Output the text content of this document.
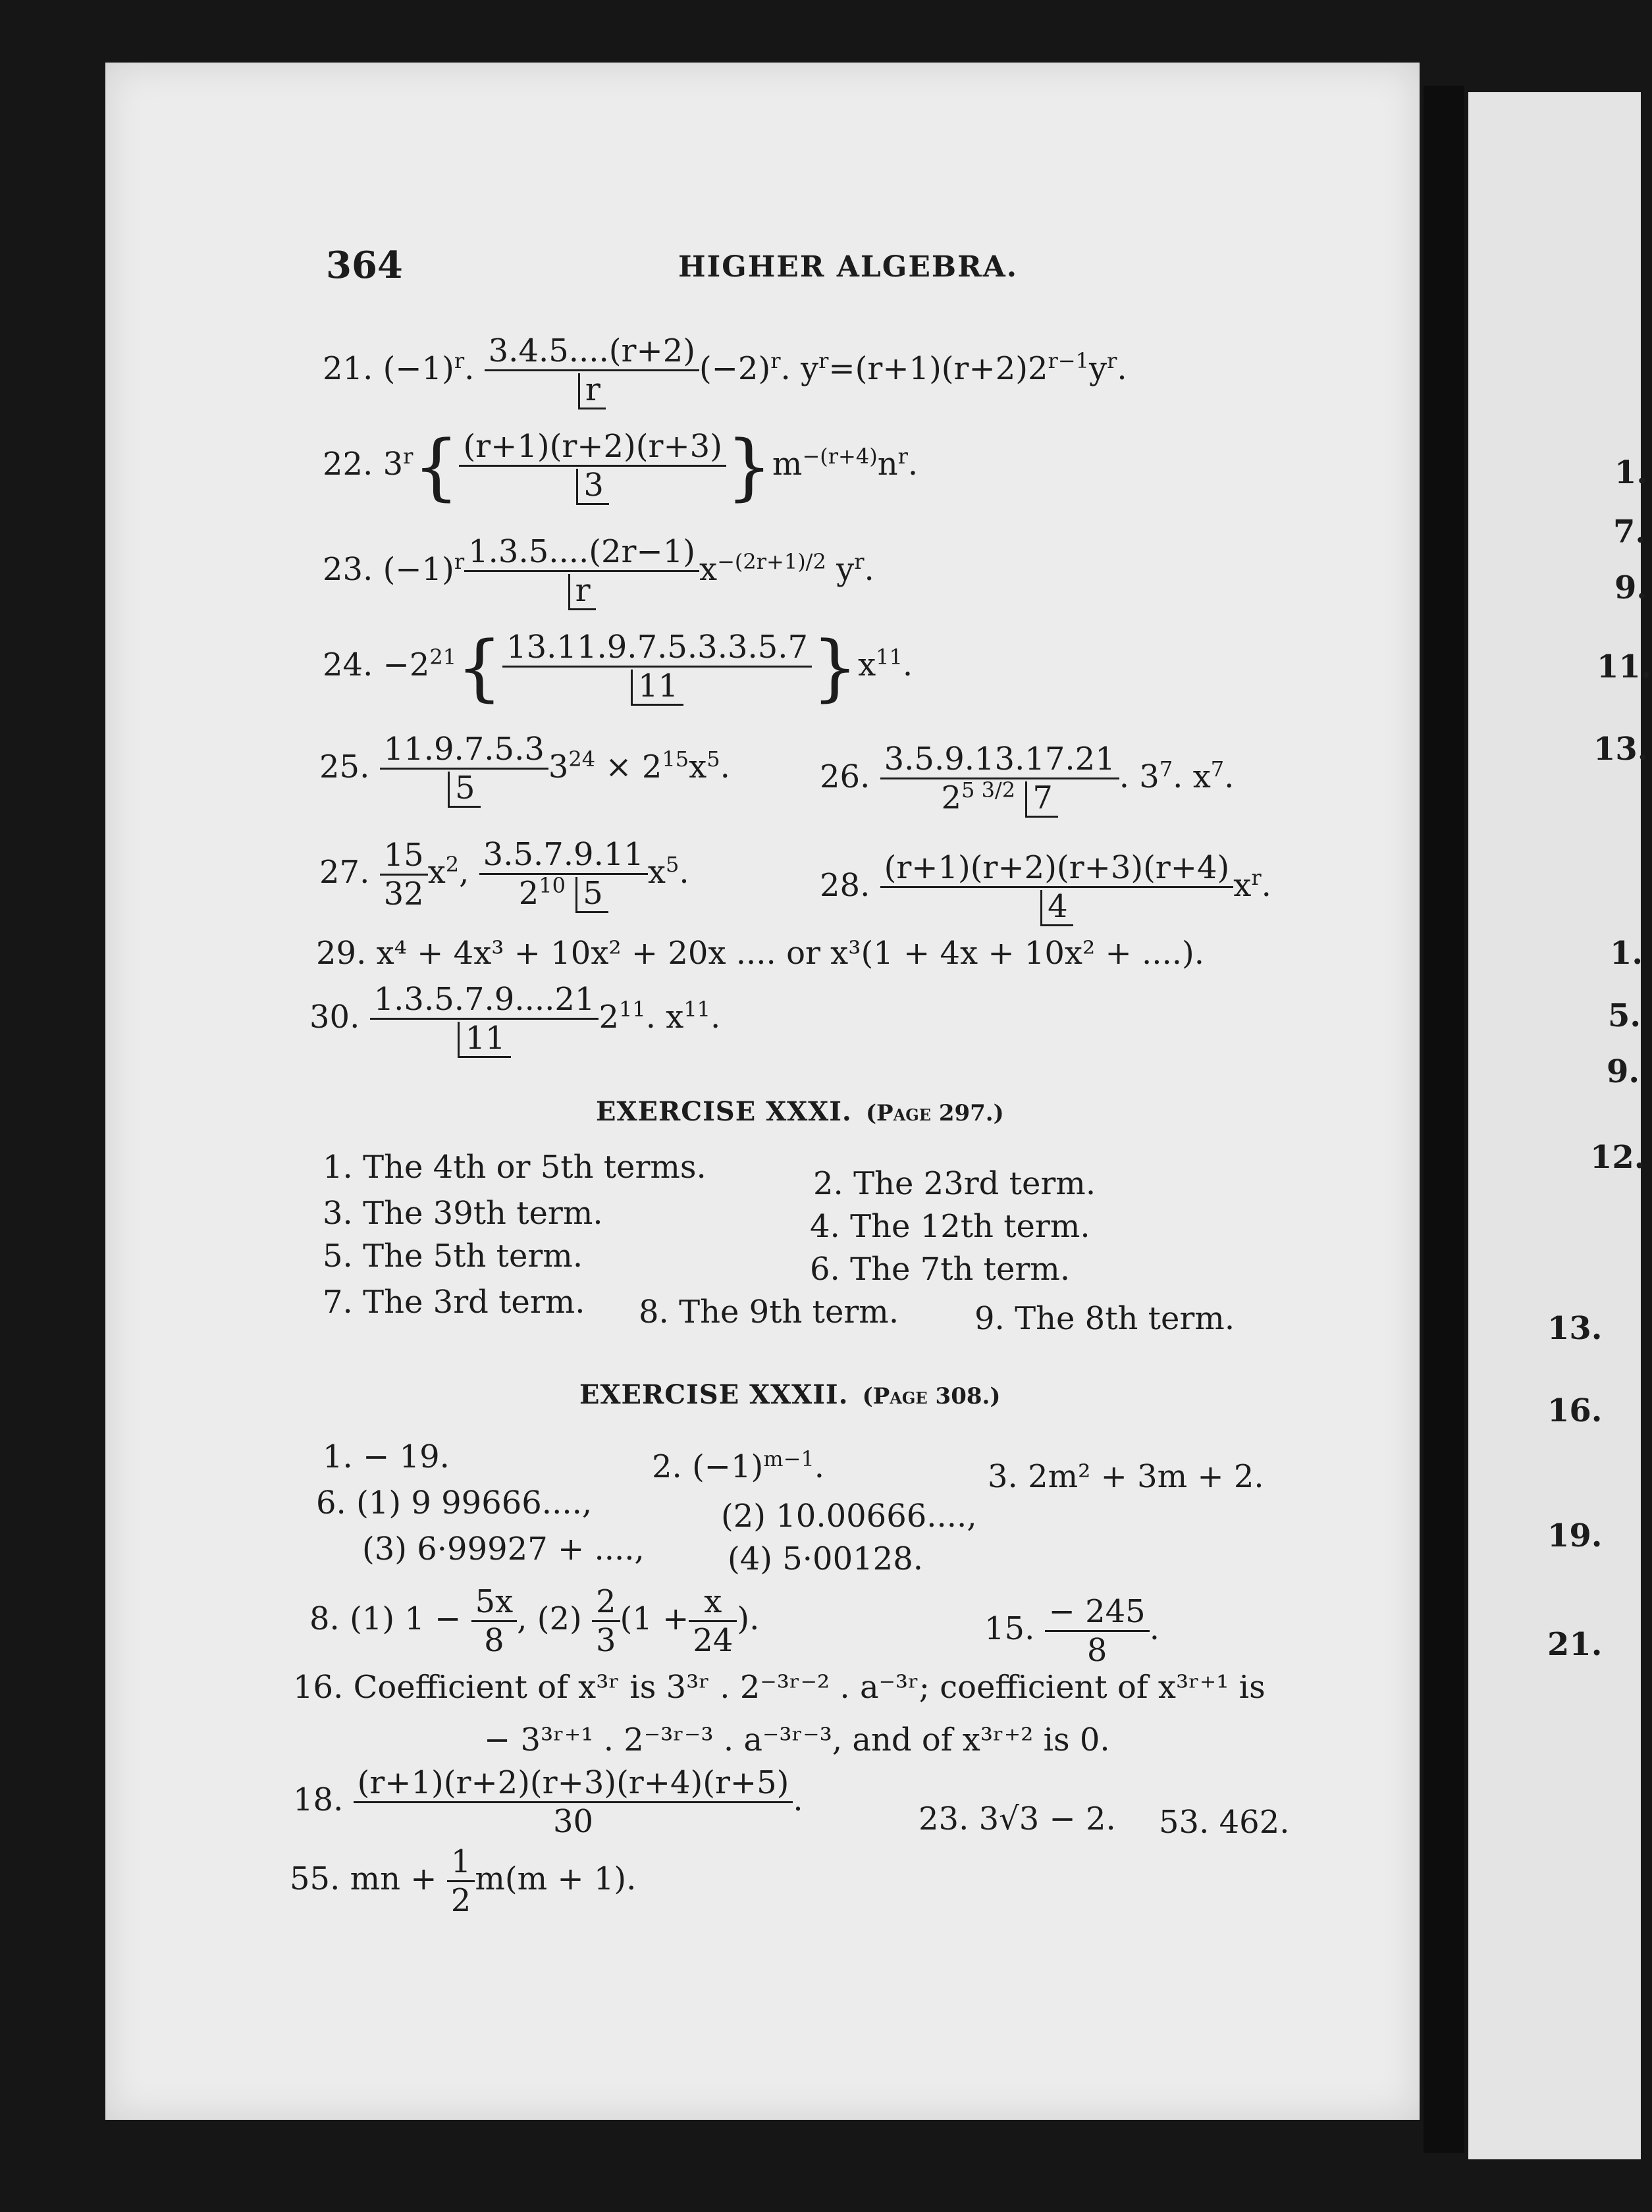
364	HIGHER ALGEBRA.
21. $(-1)^r$. $\frac{3.4.5....(r+2)}{r} (-2)^r$. $y^r=(r+1)(r+2)2^{r-1}y^r$.
22. $3^r\{ \frac{(r+1)(r+2)(r+3)}{3} \}m^{-(r+4)}n^r$.
23. $(-1)^r \frac{1.3.5....(2r-1)}{r} x^{-(2r+1)/2}$ $y^r$.
24. $-2^{21}\{ \frac{13.11.9.7.5.3.3.5.7}{11} \}x^{11}$.
25. $\frac{11.9.7.5.3}{5} 3^{24} \times 2^{15}x^5$.	26. $\frac{3.5.9.13.17.21}{2^{5 3/2} 7}$ . $3^7$. $x^7$.
27. $\frac{15}{32} x^2$, $\frac{3.5.7.9.11}{2^{10} 5} x^5$.	28. $\frac{(r+1)(r+2)(r+3)(r+4)}{4} x^r$.
29. x⁴ + 4x³ + 10x² + 20x .... or x³(1 + 4x + 10x² + ....).
30. $\frac{1.3.5.7.9....21}{11} 2^{11}$. $x^{11}$.
EXERCISE XXXI. (Page 297.)
1. The 4th or 5th terms.	2. The 23rd term.
3. The 39th term.	4. The 12th term.
5. The 5th term.	6. The 7th term.
7. The 3rd term. 8. The 9th term. 9. The 8th term.
EXERCISE XXXII. (Page 308.)
1. − 19.	2. $(-1)^{m-1}$.	3. 2m² + 3m + 2.
6. (1) 9 99666....,	(2) 10.00666....,
(3) 6·99927 + ....,	(4) 5·00128.
8. (1) $1 - \frac{5x}{8}$ , $(2) \frac{2}{3} (1 + \frac{x}{24}$ ).	15. $\frac{- 245}{8}$ .
16. Coefficient of x³ʳ is 3³ʳ . 2⁻³ʳ⁻² . a⁻³ʳ; coefficient of x³ʳ⁺¹ is
− 3³ʳ⁺¹ . 2⁻³ʳ⁻³ . a⁻³ʳ⁻³, and of x³ʳ⁺² is 0.
18. $\frac{(r+1)(r+2)(r+3)(r+4)(r+5)}{30}$ .
23. 3√3 − 2. 53. 462.
55. mn + $\frac{1}{2} m(m + 1)$.
1.
7.
9.
11.
13.
1.
5.
9.
12.
13.
16.
19.
21.
